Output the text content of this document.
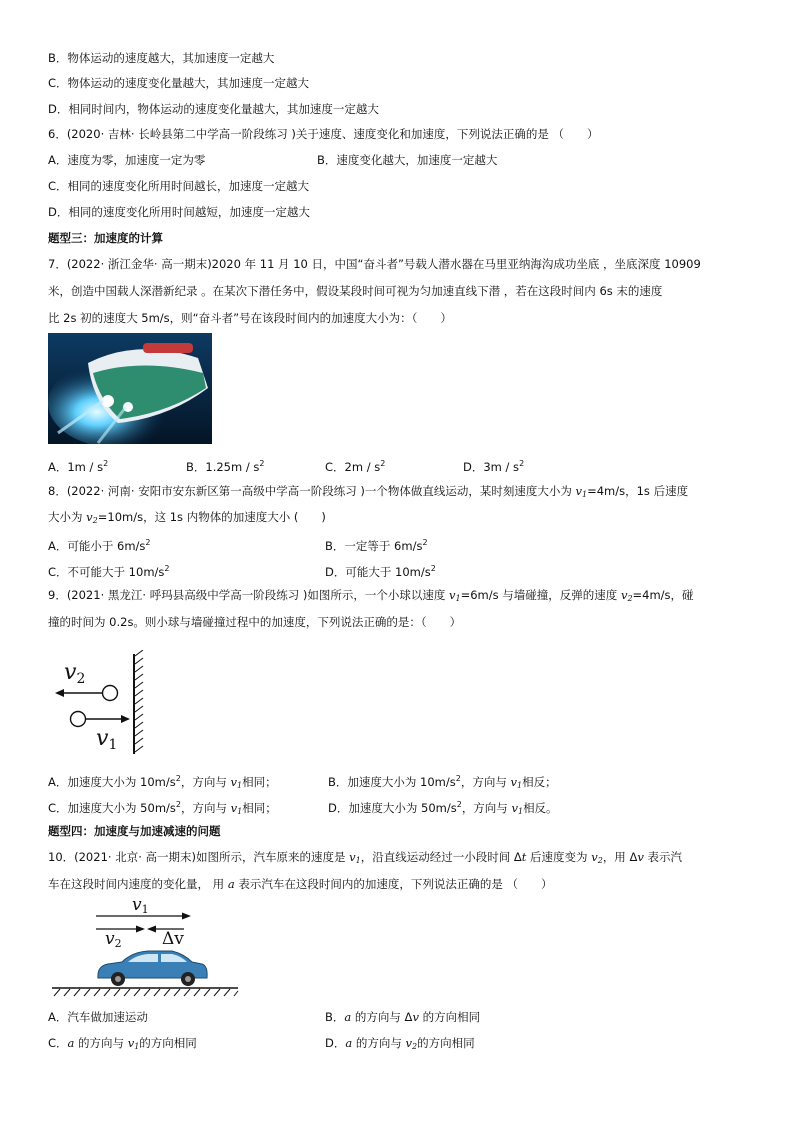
B．物体运动的速度越大，其加速度一定越大
C．物体运动的速度变化量越大，其加速度一定越大
D．相同时间内，物体运动的速度变化量越大，其加速度一定越大
6．(2020· 吉林· 长岭县第二中学高一阶段练习 )关于速度、速度变化和加速度，下列说法正确的是 （　　）
A．速度为零，加速度一定为零	B．速度变化越大，加速度一定越大
C．相同的速度变化所用时间越长，加速度一定越大
D．相同的速度变化所用时间越短，加速度一定越大
题型三：加速度的计算
7．(2022· 浙江金华· 高一期末)2020 年 11 月 10 日，中国“奋斗者”号载人潜水器在马里亚纳海沟成功坐底 ，坐底深度 10909
米，创造中国载人深潜新纪录 。在某次下潜任务中，假设某段时间可视为匀加速直线下潜 ，若在这段时间内 6s 末的速度
比 2s 初的速度大 5m/s，则“奋斗者”号在该段时间内的加速度大小为：（　　）
A．$1m / s^2$	B．$1.25m / s^2$	C．$2m / s^2$	D．$3m / s^2$
8．(2022· 河南· 安阳市安东新区第一高级中学高一阶段练习 )一个物体做直线运动，某时刻速度大小为 $v_1=4m/s$，1s 后速度
大小为 $v_2=10m/s$，这 1s 内物体的加速度大小 (　　)
A．可能小于 $6m/s^2$	B．一定等于 $6m/s^2$
C．不可能大于 $10m/s^2$	D．可能大于 $10m/s^2$
9．(2021· 黑龙江· 呼玛县高级中学高一阶段练习 )如图所示，一个小球以速度 $v_1=6m/s$ 与墙碰撞，反弹的速度 $v_2=4m/s$，碰
撞的时间为 0.2s。则小球与墙碰撞过程中的加速度，下列说法正确的是：（　　）
v2
v1
A．加速度大小为 $10m/s^2$，方向与 $v_1$相同；	B．加速度大小为 $10m/s^2$，方向与 $v_1$相反；
C．加速度大小为 $50m/s^2$，方向与 $v_1$相同；	D．加速度大小为 $50m/s^2$，方向与 $v_1$相反。
题型四：加速度与加速减速的问题
10．(2021· 北京· 高一期末)如图所示，汽车原来的速度是 $v_1$，沿直线运动经过一小段时间 Δt 后速度变为 $v_2$，用 Δv 表示汽
车在这段时间内速度的变化量， 用 a 表示汽车在这段时间内的加速度，下列说法正确的是 （　　）
v1
v2 Δv
A．汽车做加速运动	B．a 的方向与 Δv 的方向相同
C．a 的方向与 $v_1$的方向相同	D．a 的方向与 $v_2$的方向相同
